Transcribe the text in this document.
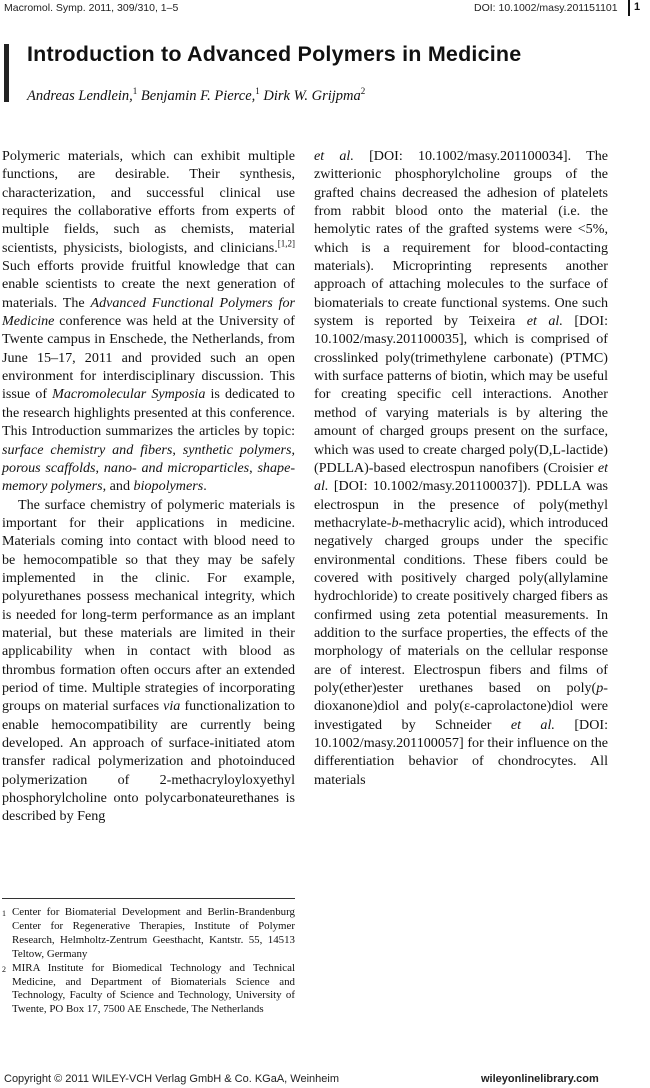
Macromol. Symp. 2011, 309/310, 1–5	DOI: 10.1002/masy.201151101 1
Introduction to Advanced Polymers in Medicine
Andreas Lendlein,$^1$ Benjamin F. Pierce,$^1$ Dirk W. Grijpma$^2$

Polymeric materials, which can exhibit multiple functions, are desirable. Their synthesis, characterization, and successful clinical use requires the collaborative efforts from experts of multiple fields, such as chemists, material scientists, physicists, biologists, and clinicians.[1,2] Such efforts provide fruitful knowledge that can enable scientists to create the next generation of materials. The Advanced Functional Polymers for Medicine conference was held at the University of Twente campus in Enschede, the Netherlands, from June 15–17, 2011 and provided such an open environment for interdisciplinary discussion. This issue of Macromolecular Symposia is dedicated to the research highlights presented at this conference. This Introduction summarizes the articles by topic: surface chemistry and fibers, synthetic polymers, porous scaffolds, nano- and microparticles, shape-memory polymers, and biopolymers.

The surface chemistry of polymeric materials is important for their applications in medicine. Materials coming into contact with blood need to be hemocompatible so that they may be safely implemented in the clinic. For example, polyurethanes possess mechanical integrity, which is needed for long-term performance as an implant material, but these materials are limited in their applicability when in contact with blood as thrombus formation often occurs after an extended period of time. Multiple strategies of incorporating groups on material surfaces via functionalization to enable hemocompatibility are currently being developed. An approach of surface-initiated atom transfer radical polymerization and photoinduced polymerization of 2-methacryloyloxyethyl phosphorylcholine onto polycarbonateurethanes is described by Feng

et al. [DOI: 10.1002/masy.201100034]. The zwitterionic phosphorylcholine groups of the grafted chains decreased the adhesion of platelets from rabbit blood onto the material (i.e. the hemolytic rates of the grafted systems were <5%, which is a requirement for blood-contacting materials). Microprinting represents another approach of attaching molecules to the surface of biomaterials to create functional systems. One such system is reported by Teixeira et al. [DOI: 10.1002/masy.201100035], which is comprised of crosslinked poly(trimethylene carbonate) (PTMC) with surface patterns of biotin, which may be useful for creating specific cell interactions. Another method of varying materials is by altering the amount of charged groups present on the surface, which was used to create charged poly(D,L-lactide) (PDLLA)-based electrospun nanofibers (Croisier et al. [DOI: 10.1002/masy.201100037]). PDLLA was electrospun in the presence of poly(methyl methacrylate-b-methacrylic acid), which introduced negatively charged groups under the specific environmental conditions. These fibers could be covered with positively charged poly(allylamine hydrochloride) to create positively charged fibers as confirmed using zeta potential measurements. In addition to the surface properties, the effects of the morphology of materials on the cellular response are of interest. Electrospun fibers and films of poly(ether)ester urethanes based on poly(p-dioxanone)diol and poly(ε-caprolactone)diol were investigated by Schneider et al. [DOI: 10.1002/masy.201100057] for their influence on the differentiation behavior of chondrocytes. All materials

1 Center for Biomaterial Development and Berlin-Brandenburg Center for Regenerative Therapies, Institute of Polymer Research, Helmholtz-Zentrum Geesthacht, Kantstr. 55, 14513 Teltow, Germany
2 MIRA Institute for Biomedical Technology and Technical Medicine, and Department of Biomaterials Science and Technology, Faculty of Science and Technology, University of Twente, PO Box 17, 7500 AE Enschede, The Netherlands
Copyright © 2011 WILEY-VCH Verlag GmbH & Co. KGaA, Weinheim	wileyonlinelibrary.com
